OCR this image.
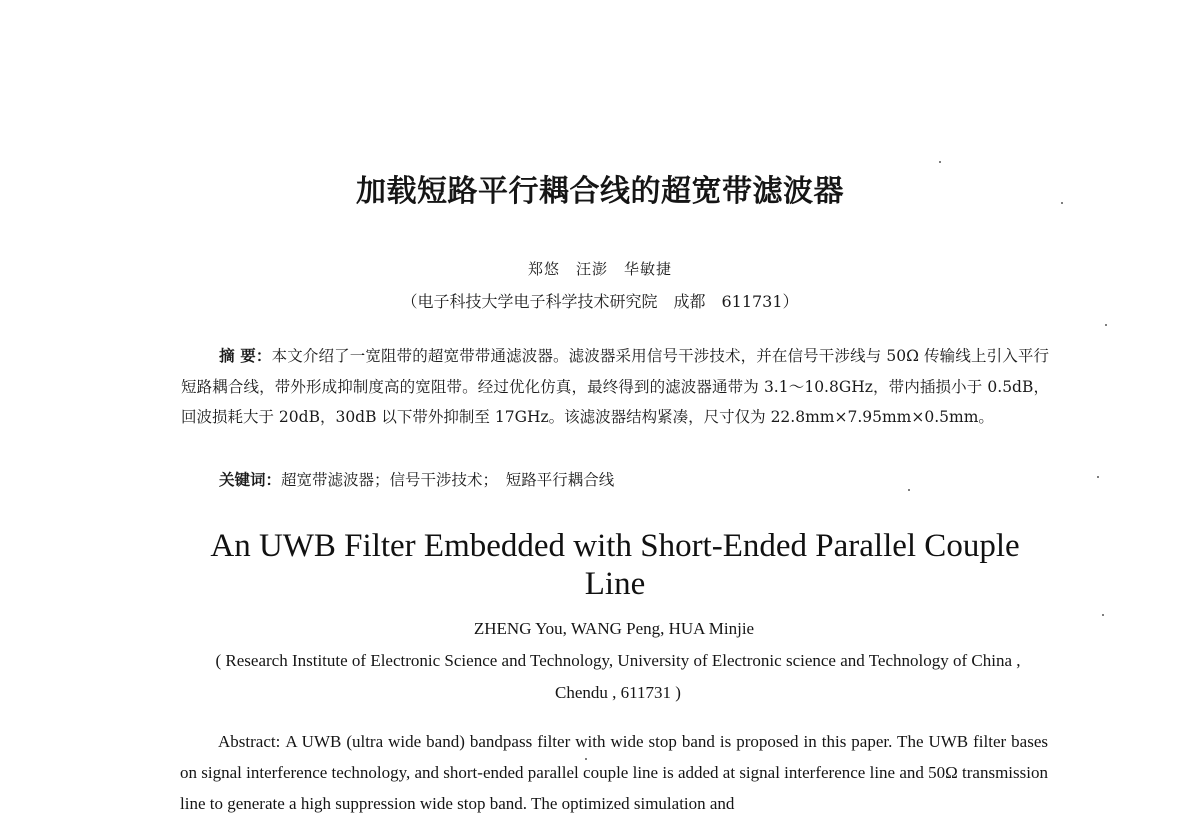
加载短路平行耦合线的超宽带滤波器

郑悠　汪澎　华敏捷

（电子科技大学电子科学技术研究院　成都　611731）

摘 要：本文介绍了一宽阻带的超宽带带通滤波器。滤波器采用信号干涉技术，并在信号干涉线与 50Ω 传输线上引入平行短路耦合线，带外形成抑制度高的宽阻带。经过优化仿真，最终得到的滤波器通带为 3.1～10.8GHz，带内插损小于 0.5dB，回波损耗大于 20dB，30dB 以下带外抑制至 17GHz。该滤波器结构紧凑，尺寸仅为 22.8mm×7.95mm×0.5mm。

关键词：超宽带滤波器；信号干涉技术；　短路平行耦合线

An UWB Filter Embedded with Short-Ended Parallel Couple Line

ZHENG You, WANG Peng, HUA Minjie

( Research Institute of Electronic Science and Technology, University of Electronic science and Technology of China , Chendu , 611731 )

Abstract: A UWB (ultra wide band) bandpass filter with wide stop band is proposed in this paper. The UWB filter bases on signal interference technology, and short-ended parallel couple line is added at signal interference line and 50Ω transmission line to generate a high suppression wide stop band. The optimized simulation and
